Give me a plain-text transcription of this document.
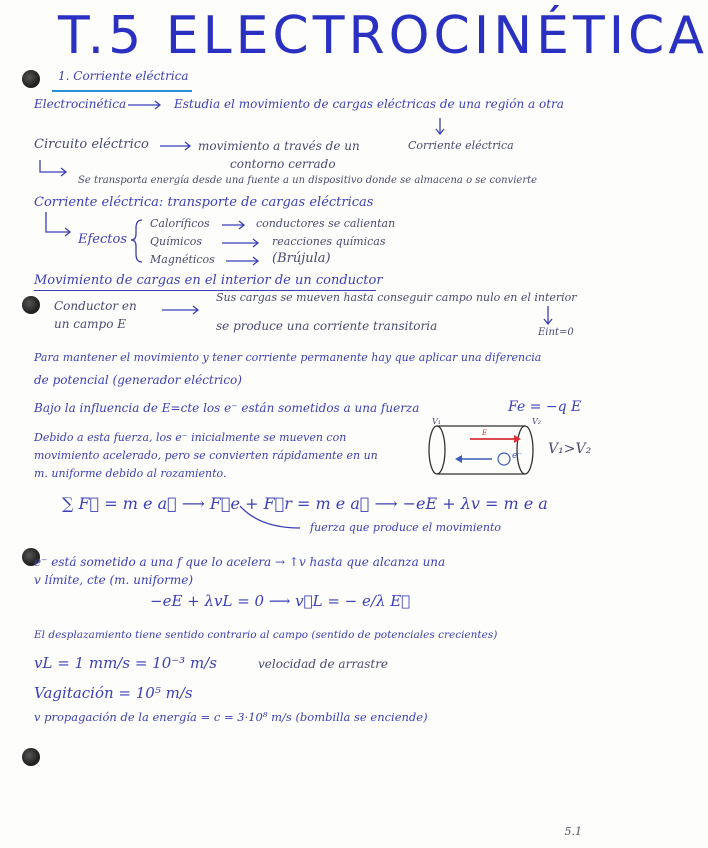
T.5 ELECTROCINÉTICA
1. Corriente eléctrica
Electrocinética	Estudia el movimiento de cargas eléctricas de una región a otra
Circuito eléctrico	movimiento a través de un
contorno cerrado
Corriente eléctrica
Se transporta energía desde una fuente a un dispositivo donde se almacena o se convierte
Corriente eléctrica: transporte de cargas eléctricas
Efectos
Caloríficos	conductores se calientan
Químicos	reacciones químicas
Magnéticos	(Brújula)
Movimiento de cargas en el interior de un conductor
Conductor en
un campo E
Sus cargas se mueven hasta conseguir campo nulo en el interior
se produce una corriente transitoria	Eint=0
Para mantener el movimiento y tener corriente permanente hay que aplicar una diferencia
de potencial (generador eléctrico)
Bajo la influencia de E=cte los e⁻ están sometidos a una fuerza	Fe = −q E
Debido a esta fuerza, los e⁻ inicialmente se mueven con
movimiento acelerado, pero se convierten rápidamente en un
m. uniforme debido al rozamiento.
V₁	V₂
E
e⁻ V₁>V₂
∑ F⃗ = m e a⃗ ⟶ F⃗e + F⃗r = m e a⃗ ⟶ −eE + λv = m e a
fuerza que produce el movimiento
e⁻ está sometido a una f que lo acelera → ↑v hasta que alcanza una
v límite, cte (m. uniforme)
−eE + λvL = 0 ⟶ v⃗L = − e/λ E⃗
El desplazamiento tiene sentido contrario al campo (sentido de potenciales crecientes)
vL = 1 mm/s = 10⁻³ m/s	velocidad de arrastre
Vagitación = 10⁵ m/s
v propagación de la energía = c = 3·10⁸ m/s (bombilla se enciende)
5.1
